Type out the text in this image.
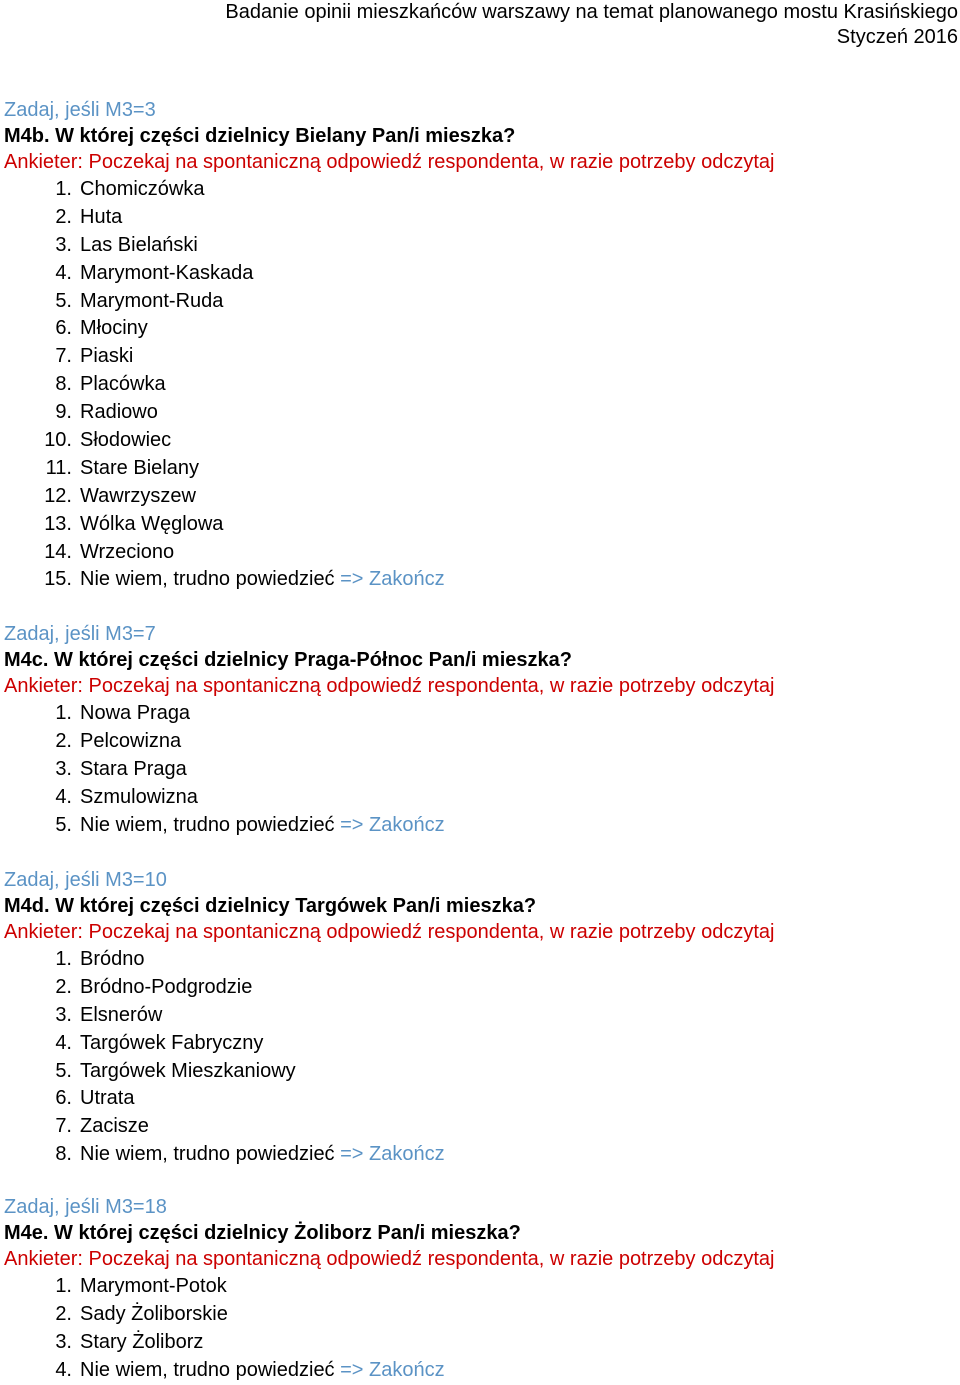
Badanie opinii mieszkańców warszawy na temat planowanego mostu Krasińskiego
Styczeń 2016
Zadaj, jeśli M3=3
M4b. W której części dzielnicy Bielany Pan/i mieszka?
Ankieter: Poczekaj na spontaniczną odpowiedź respondenta, w razie potrzeby odczytaj
1. Chomiczówka
2. Huta
3. Las Bielański
4. Marymont-Kaskada
5. Marymont-Ruda
6. Młociny
7. Piaski
8. Placówka
9. Radiowo
10. Słodowiec
11. Stare Bielany
12. Wawrzyszew
13. Wólka Węglowa
14. Wrzeciono
15. Nie wiem, trudno powiedzieć => Zakończ
Zadaj, jeśli M3=7
M4c. W której części dzielnicy Praga-Północ Pan/i mieszka?
Ankieter: Poczekaj na spontaniczną odpowiedź respondenta, w razie potrzeby odczytaj
1. Nowa Praga
2. Pelcowizna
3. Stara Praga
4. Szmulowizna
5. Nie wiem, trudno powiedzieć => Zakończ
Zadaj, jeśli M3=10
M4d. W której części dzielnicy Targówek Pan/i mieszka?
Ankieter: Poczekaj na spontaniczną odpowiedź respondenta, w razie potrzeby odczytaj
1. Bródno
2. Bródno-Podgrodzie
3. Elsnerów
4. Targówek Fabryczny
5. Targówek Mieszkaniowy
6. Utrata
7. Zacisze
8. Nie wiem, trudno powiedzieć => Zakończ
Zadaj, jeśli M3=18
M4e. W której części dzielnicy Żoliborz Pan/i mieszka?
Ankieter: Poczekaj na spontaniczną odpowiedź respondenta, w razie potrzeby odczytaj
1. Marymont-Potok
2. Sady Żoliborskie
3. Stary Żoliborz
4. Nie wiem, trudno powiedzieć => Zakończ
